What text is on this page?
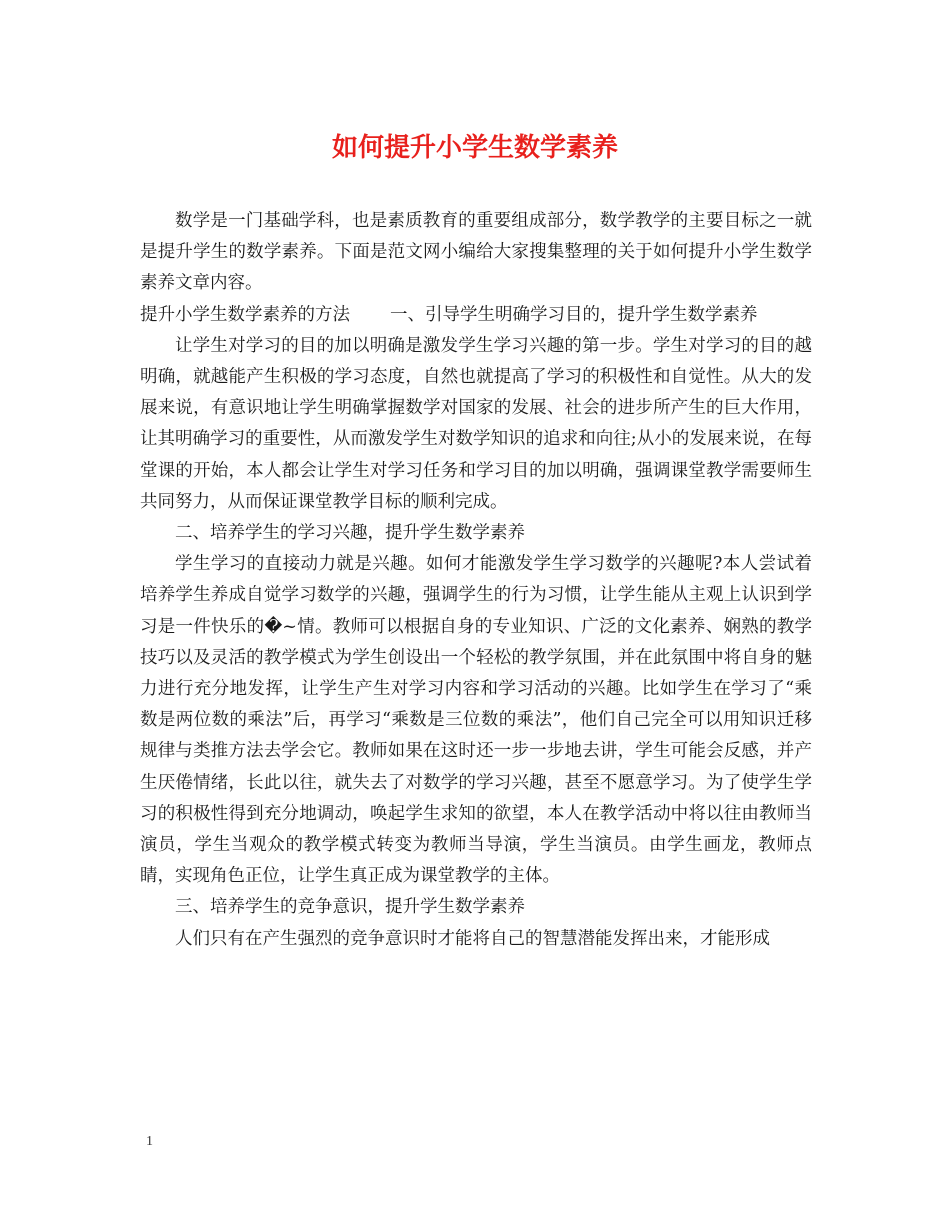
如何提升小学生数学素养

数学是一门基础学科，也是素质教育的重要组成部分，数学教学的主要目标之一就是提升学生的数学素养。下面是范文网小编给大家搜集整理的关于如何提升小学生数学素养文章内容。

提升小学生数学素养的方法 一、引导学生明确学习目的，提升学生数学素养

让学生对学习的目的加以明确是激发学生学习兴趣的第一步。学生对学习的目的越明确，就越能产生积极的学习态度，自然也就提高了学习的积极性和自觉性。从大的发展来说，有意识地让学生明确掌握数学对国家的发展、社会的进步所产生的巨大作用，让其明确学习的重要性，从而激发学生对数学知识的追求和向往;从小的发展来说，在每堂课的开始，本人都会让学生对学习任务和学习目的加以明确，强调课堂教学需要师生共同努力，从而保证课堂教学目标的顺利完成。

二、培养学生的学习兴趣，提升学生数学素养

学生学习的直接动力就是兴趣。如何才能激发学生学习数学的兴趣呢?本人尝试着培养学生养成自觉学习数学的兴趣，强调学生的行为习惯，让学生能从主观上认识到学习是一件快乐的�~情。教师可以根据自身的专业知识、广泛的文化素养、娴熟的教学技巧以及灵活的教学模式为学生创设出一个轻松的教学氛围，并在此氛围中将自身的魅力进行充分地发挥，让学生产生对学习内容和学习活动的兴趣。比如学生在学习了“乘数是两位数的乘法”后，再学习“乘数是三位数的乘法”，他们自己完全可以用知识迁移规律与类推方法去学会它。教师如果在这时还一步一步地去讲，学生可能会反感，并产生厌倦情绪，长此以往，就失去了对数学的学习兴趣，甚至不愿意学习。为了使学生学习的积极性得到充分地调动，唤起学生求知的欲望，本人在教学活动中将以往由教师当演员，学生当观众的教学模式转变为教师当导演，学生当演员。由学生画龙，教师点睛，实现角色正位，让学生真正成为课堂教学的主体。

三、培养学生的竞争意识，提升学生数学素养

人们只有在产生强烈的竞争意识时才能将自己的智慧潜能发挥出来，才能形成

1
